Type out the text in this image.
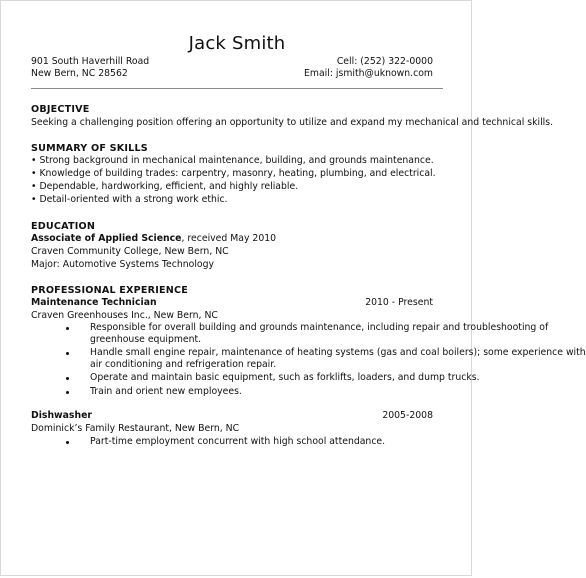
Jack Smith
901 South Haverhill Road
New Bern, NC 28562
Cell: (252) 322-0000
Email: jsmith@uknown.com
OBJECTIVE
Seeking a challenging position offering an opportunity to utilize and expand my mechanical and technical skills.
SUMMARY OF SKILLS
• Strong background in mechanical maintenance, building, and grounds maintenance.
• Knowledge of building trades: carpentry, masonry, heating, plumbing, and electrical.
• Dependable, hardworking, efficient, and highly reliable.
• Detail-oriented with a strong work ethic.
EDUCATION
Associate of Applied Science, received May 2010
Craven Community College, New Bern, NC
Major: Automotive Systems Technology
PROFESSIONAL EXPERIENCE
Maintenance Technician	2010 - Present
Craven Greenhouses Inc., New Bern, NC
Responsible for overall building and grounds maintenance, including repair and troubleshooting of
greenhouse equipment.
Handle small engine repair, maintenance of heating systems (gas and coal boilers); some experience with
air conditioning and refrigeration repair.
Operate and maintain basic equipment, such as forklifts, loaders, and dump trucks.
Train and orient new employees.
Dishwasher	2005-2008
Dominick’s Family Restaurant, New Bern, NC
Part-time employment concurrent with high school attendance.
